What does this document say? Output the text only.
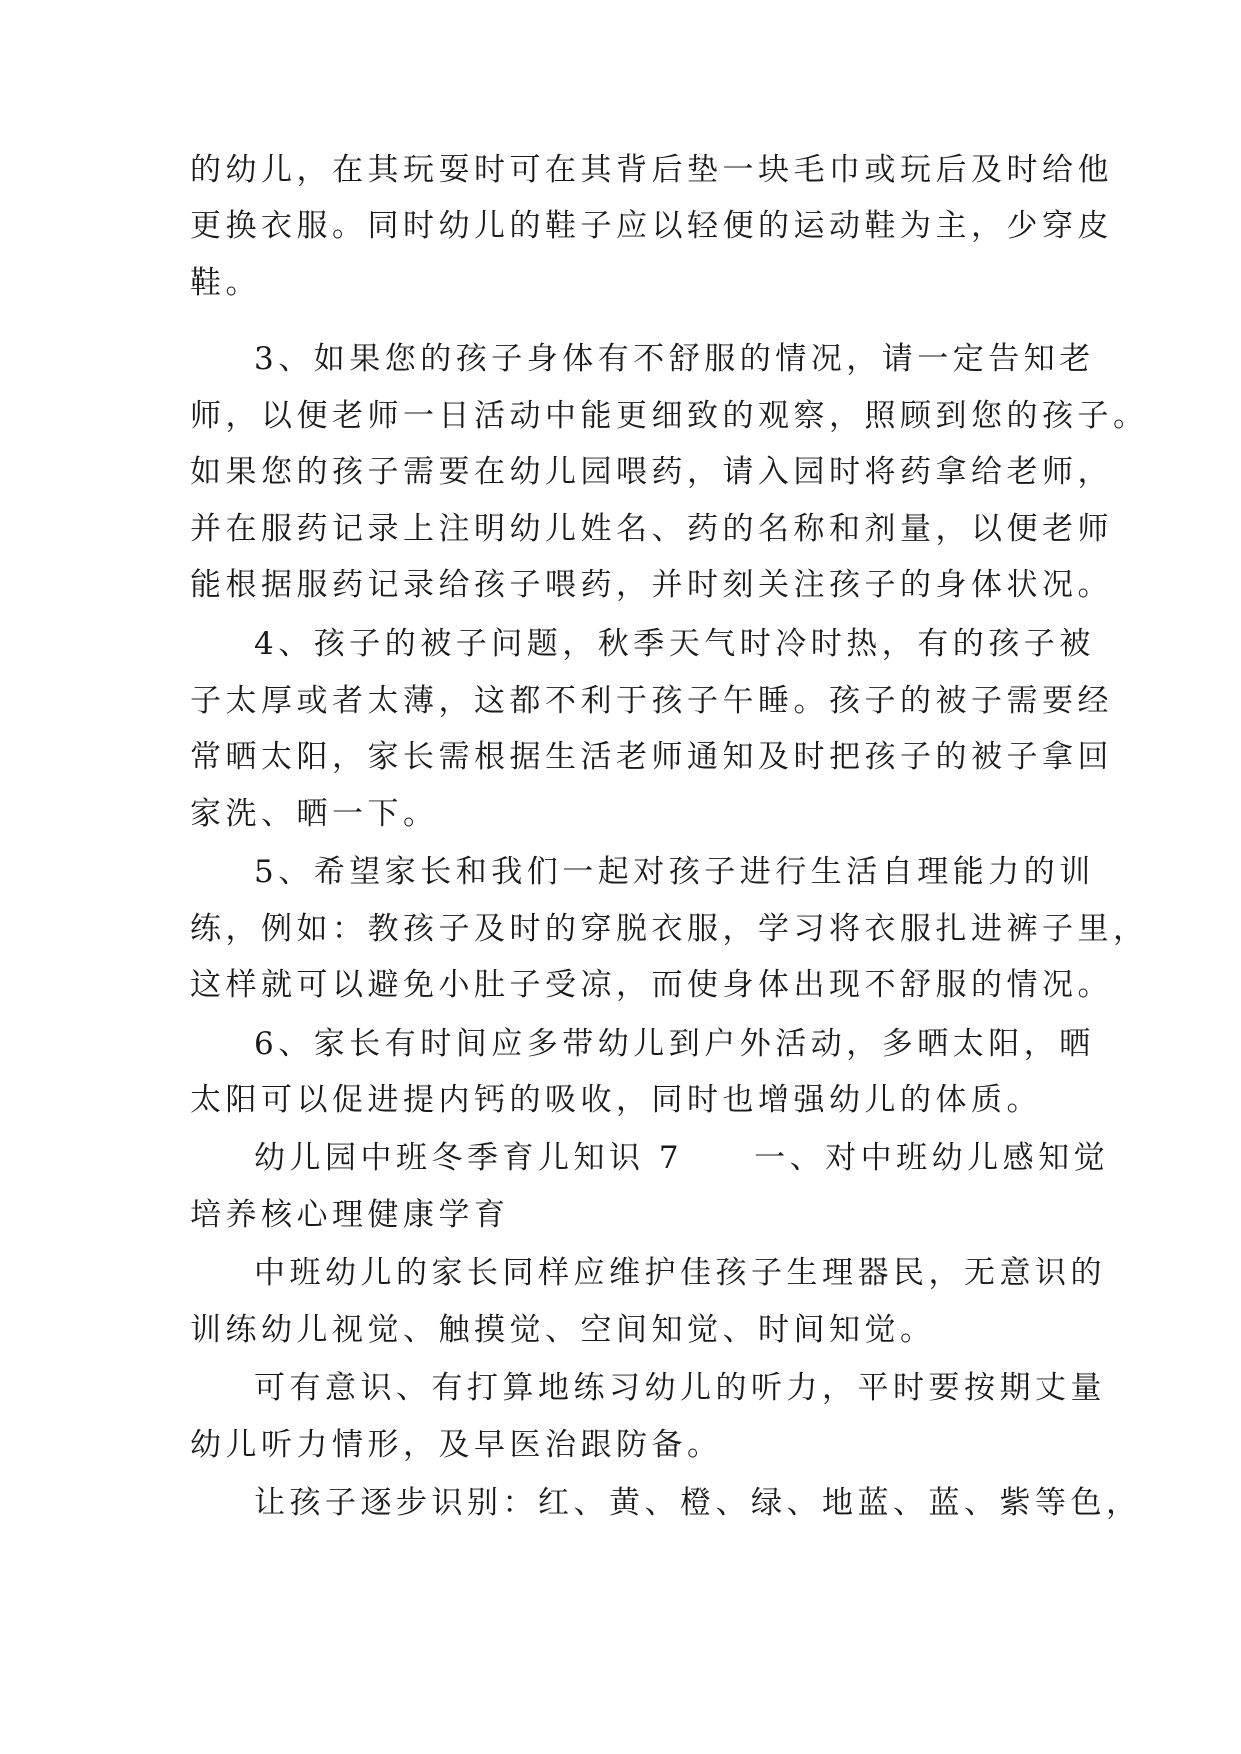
的幼儿，在其玩耍时可在其背后垫一块毛巾或玩后及时给他
更换衣服。同时幼儿的鞋子应以轻便的运动鞋为主，少穿皮
鞋。
3、如果您的孩子身体有不舒服的情况，请一定告知老
师，以便老师一日活动中能更细致的观察，照顾到您的孩子。
如果您的孩子需要在幼儿园喂药，请入园时将药拿给老师，
并在服药记录上注明幼儿姓名、药的名称和剂量，以便老师
能根据服药记录给孩子喂药，并时刻关注孩子的身体状况。
4、孩子的被子问题，秋季天气时冷时热，有的孩子被
子太厚或者太薄，这都不利于孩子午睡。孩子的被子需要经
常晒太阳，家长需根据生活老师通知及时把孩子的被子拿回
家洗、晒一下。
5、希望家长和我们一起对孩子进行生活自理能力的训
练，例如：教孩子及时的穿脱衣服，学习将衣服扎进裤子里，
这样就可以避免小肚子受凉，而使身体出现不舒服的情况。
6、家长有时间应多带幼儿到户外活动，多晒太阳，晒
太阳可以促进提内钙的吸收，同时也增强幼儿的体质。
幼儿园中班冬季育儿知识 7　　一、对中班幼儿感知觉
培养核心理健康学育
中班幼儿的家长同样应维护佳孩子生理器民，无意识的
训练幼儿视觉、触摸觉、空间知觉、时间知觉。
可有意识、有打算地练习幼儿的听力，平时要按期丈量
幼儿听力情形，及早医治跟防备。
让孩子逐步识别：红、黄、橙、绿、地蓝、蓝、紫等色，
